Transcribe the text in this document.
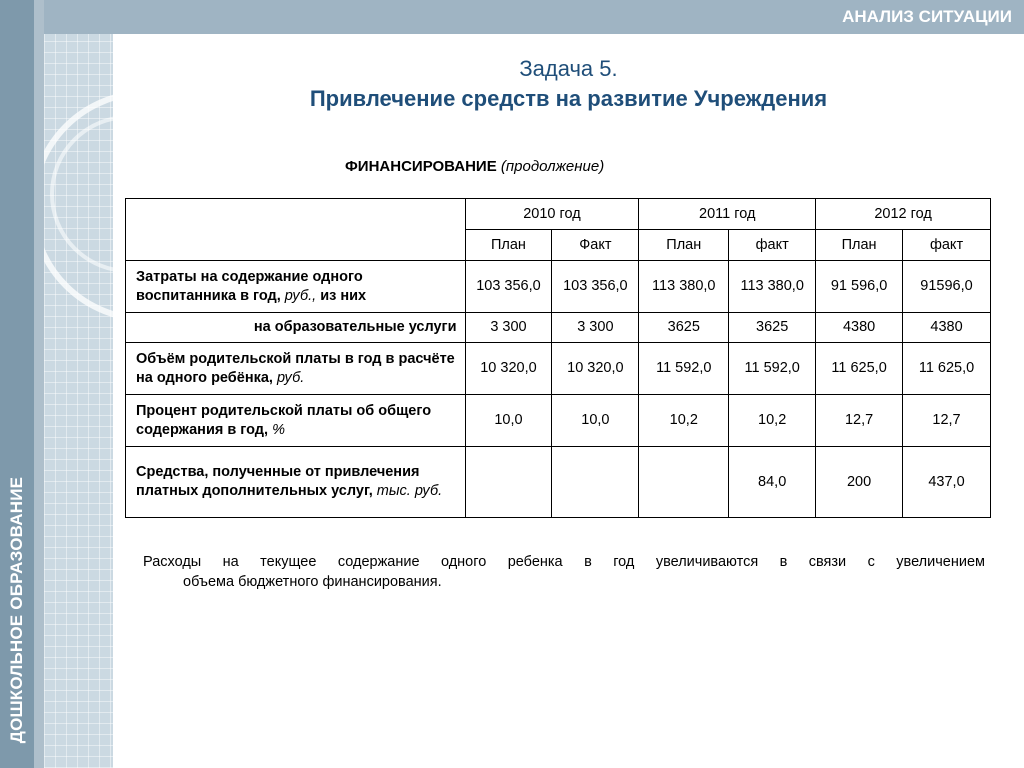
ДОШКОЛЬНОЕ ОБРАЗОВАНИЕ
АНАЛИЗ СИТУАЦИИ
Задача 5.
Привлечение средств на развитие Учреждения
ФИНАНСИРОВАНИЕ (продолжение)
	2010 год		2011 год		2012 год	
	План	Факт	План	факт	План	факт
Затраты на содержание одного воспитанника в год, руб., из них	103 356,0	103 356,0	113 380,0	113 380,0	91 596,0	91596,0
на образовательные услуги	3 300	3 300	3625	3625	4380	4380
Объём родительской платы в год в расчёте на одного ребёнка, руб.	10 320,0	10 320,0	11 592,0	11 592,0	11 625,0	11 625,0
Процент родительской платы об общего содержания в год, %	10,0	10,0	10,2	10,2	12,7	12,7
Средства, полученные от привлечения платных дополнительных услуг, тыс. руб.				84,0	200	437,0
Расходы на текущее содержание одного ребенка в год увеличиваются в связи с увеличением
объема бюджетного финансирования.
